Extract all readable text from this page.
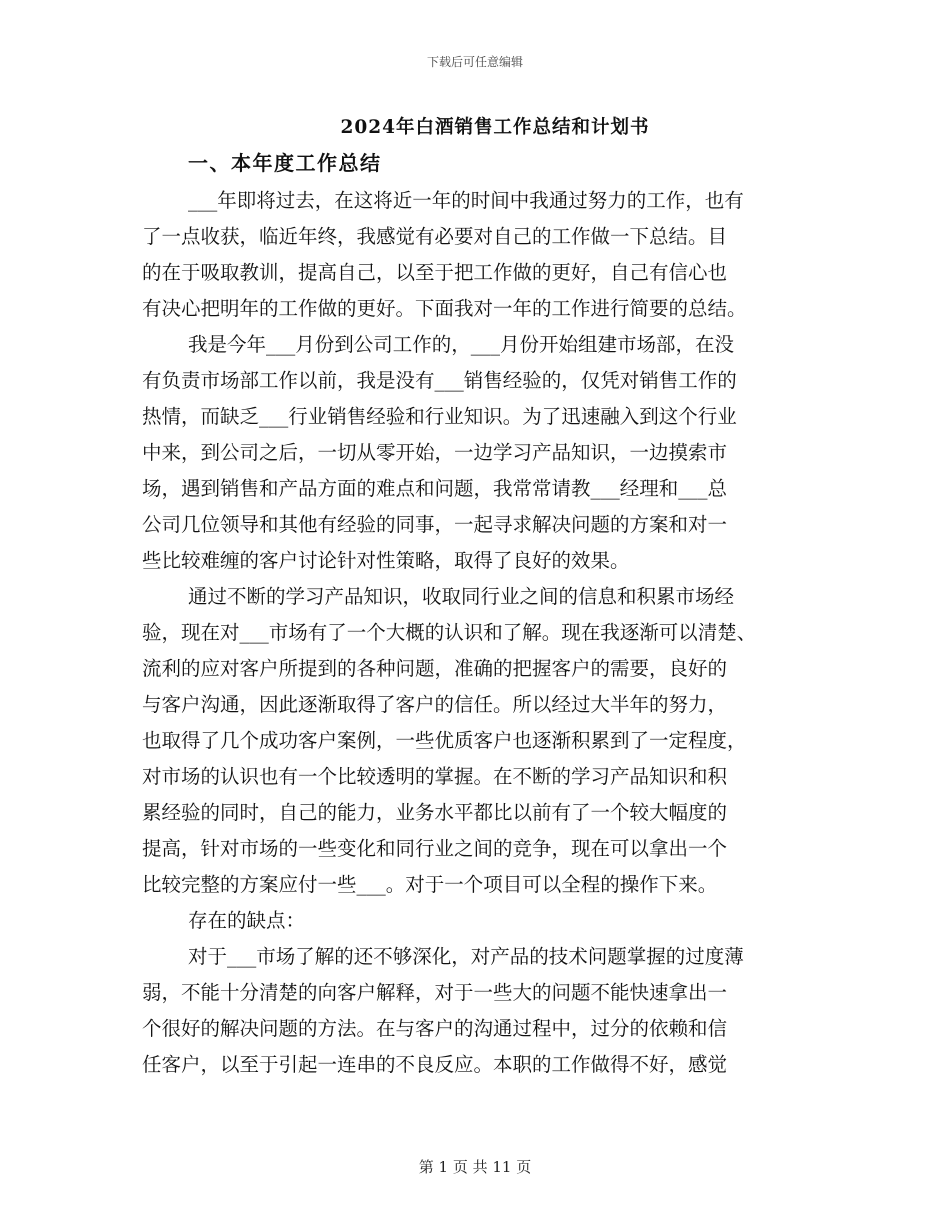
下载后可任意编辑
2024年白酒销售工作总结和计划书
一、本年度工作总结
___年即将过去，在这将近一年的时间中我通过努力的工作，也有
了一点收获，临近年终，我感觉有必要对自己的工作做一下总结。目
的在于吸取教训，提高自己，以至于把工作做的更好，自己有信心也
有决心把明年的工作做的更好。下面我对一年的工作进行简要的总结。
我是今年___月份到公司工作的，___月份开始组建市场部，在没
有负责市场部工作以前，我是没有___销售经验的，仅凭对销售工作的
热情，而缺乏___行业销售经验和行业知识。为了迅速融入到这个行业
中来，到公司之后，一切从零开始，一边学习产品知识，一边摸索市
场，遇到销售和产品方面的难点和问题，我常常请教___经理和___总
公司几位领导和其他有经验的同事，一起寻求解决问题的方案和对一
些比较难缠的客户讨论针对性策略，取得了良好的效果。
通过不断的学习产品知识，收取同行业之间的信息和积累市场经
验，现在对___市场有了一个大概的认识和了解。现在我逐渐可以清楚、
流利的应对客户所提到的各种问题，准确的把握客户的需要，良好的
与客户沟通，因此逐渐取得了客户的信任。所以经过大半年的努力，
也取得了几个成功客户案例，一些优质客户也逐渐积累到了一定程度，
对市场的认识也有一个比较透明的掌握。在不断的学习产品知识和积
累经验的同时，自己的能力，业务水平都比以前有了一个较大幅度的
提高，针对市场的一些变化和同行业之间的竞争，现在可以拿出一个
比较完整的方案应付一些___。对于一个项目可以全程的操作下来。
存在的缺点：
对于___市场了解的还不够深化，对产品的技术问题掌握的过度薄
弱，不能十分清楚的向客户解释，对于一些大的问题不能快速拿出一
个很好的解决问题的方法。在与客户的沟通过程中，过分的依赖和信
任客户，以至于引起一连串的不良反应。本职的工作做得不好，感觉
第 1 页 共 11 页
